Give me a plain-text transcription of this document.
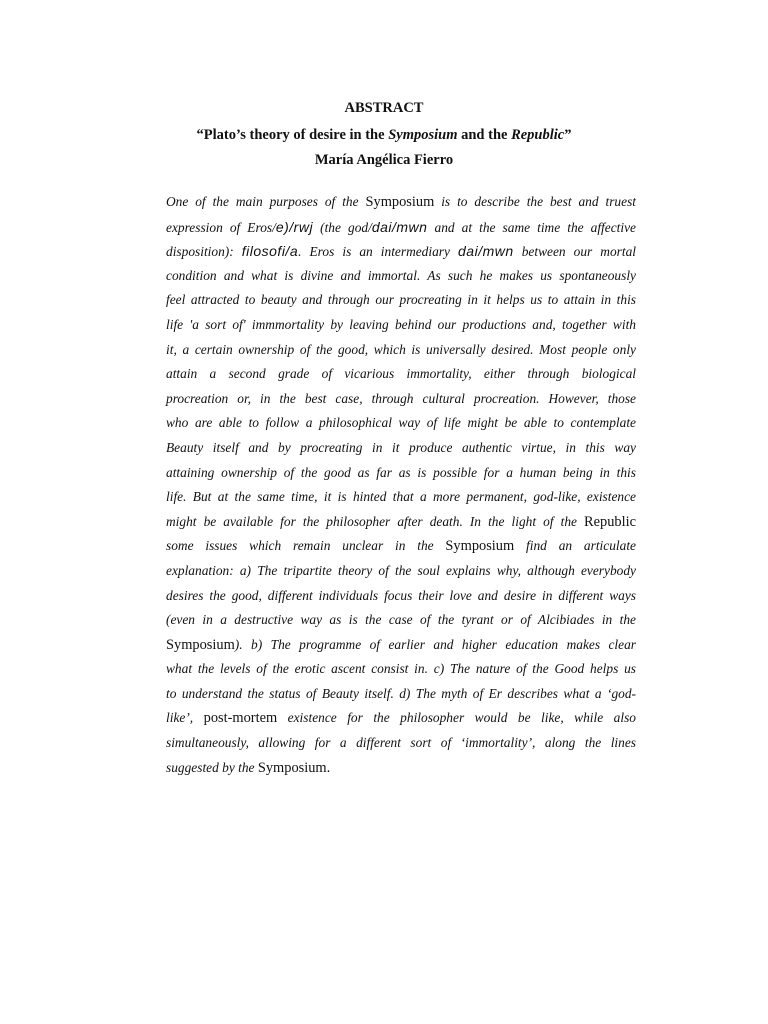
ABSTRACT
“Plato’s theory of desire in the Symposium and the Republic”
María Angélica Fierro
One of the main purposes of the Symposium is to describe the best and truest
expression of Eros/e)/rwj (the god/dai/mwn and at the same time the affective
disposition): filosofi/a. Eros is an intermediary dai/mwn between our mortal
condition and what is divine and immortal. As such he makes us spontaneously
feel attracted to beauty and through our procreating in it helps us to attain in this
life 'a sort of' immmortality by leaving behind our productions and, together with
it, a certain ownership of the good, which is universally desired. Most people only
attain a second grade of vicarious immortality, either through biological
procreation or, in the best case, through cultural procreation. However, those
who are able to follow a philosophical way of life might be able to contemplate
Beauty itself and by procreating in it produce authentic virtue, in this way
attaining ownership of the good as far as is possible for a human being in this
life. But at the same time, it is hinted that a more permanent, god-like, existence
might be available for the philosopher after death. In the light of the Republic
some issues which remain unclear in the Symposium find an articulate
explanation: a) The tripartite theory of the soul explains why, although everybody
desires the good, different individuals focus their love and desire in different ways
(even in a destructive way as is the case of the tyrant or of Alcibiades in the
Symposium). b) The programme of earlier and higher education makes clear
what the levels of the erotic ascent consist in. c) The nature of the Good helps us
to understand the status of Beauty itself. d) The myth of Er describes what a ‘god-
like’, post-mortem existence for the philosopher would be like, while also
simultaneously, allowing for a different sort of ‘immortality’, along the lines
suggested by the Symposium.
